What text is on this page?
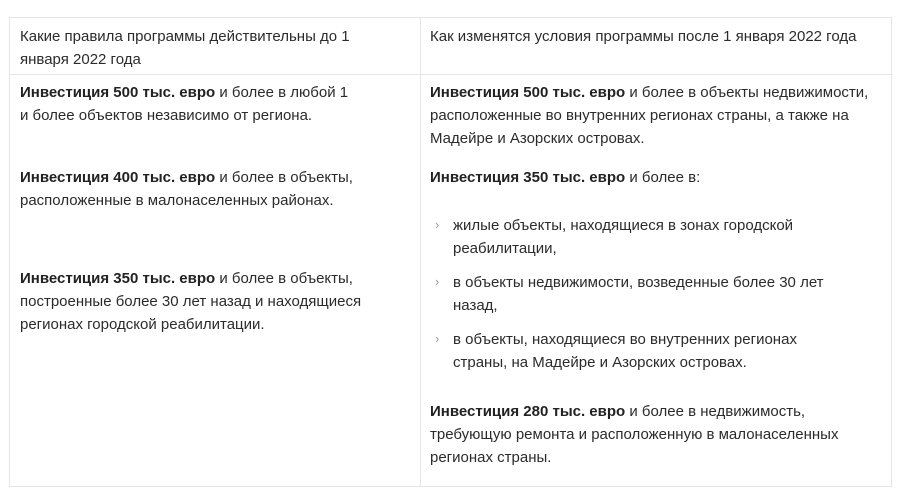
Какие правила программы действительны до 1 января 2022 года
Как изменятся условия программы после 1 января 2022 года
Инвестиция 500 тыс. евро и более в любой 1 и более объектов независимо от региона.
Инвестиция 400 тыс. евро и более в объекты, расположенные в малонаселенных районах.
Инвестиция 350 тыс. евро и более в объекты, построенные более 30 лет назад и находящиеся регионах городской реабилитации.
Инвестиция 500 тыс. евро и более в объекты недвижимости, расположенные во внутренних регионах страны, а также на Мадейре и Азорских островах.
Инвестиция 350 тыс. евро и более в:
› жилые объекты, находящиеся в зонах городской реабилитации,
› в объекты недвижимости, возведенные более 30 лет назад,
› в объекты, находящиеся во внутренних регионах страны, на Мадейре и Азорских островах.
Инвестиция 280 тыс. евро и более в недвижимость, требующую ремонта и расположенную в малонаселенных регионах страны.
